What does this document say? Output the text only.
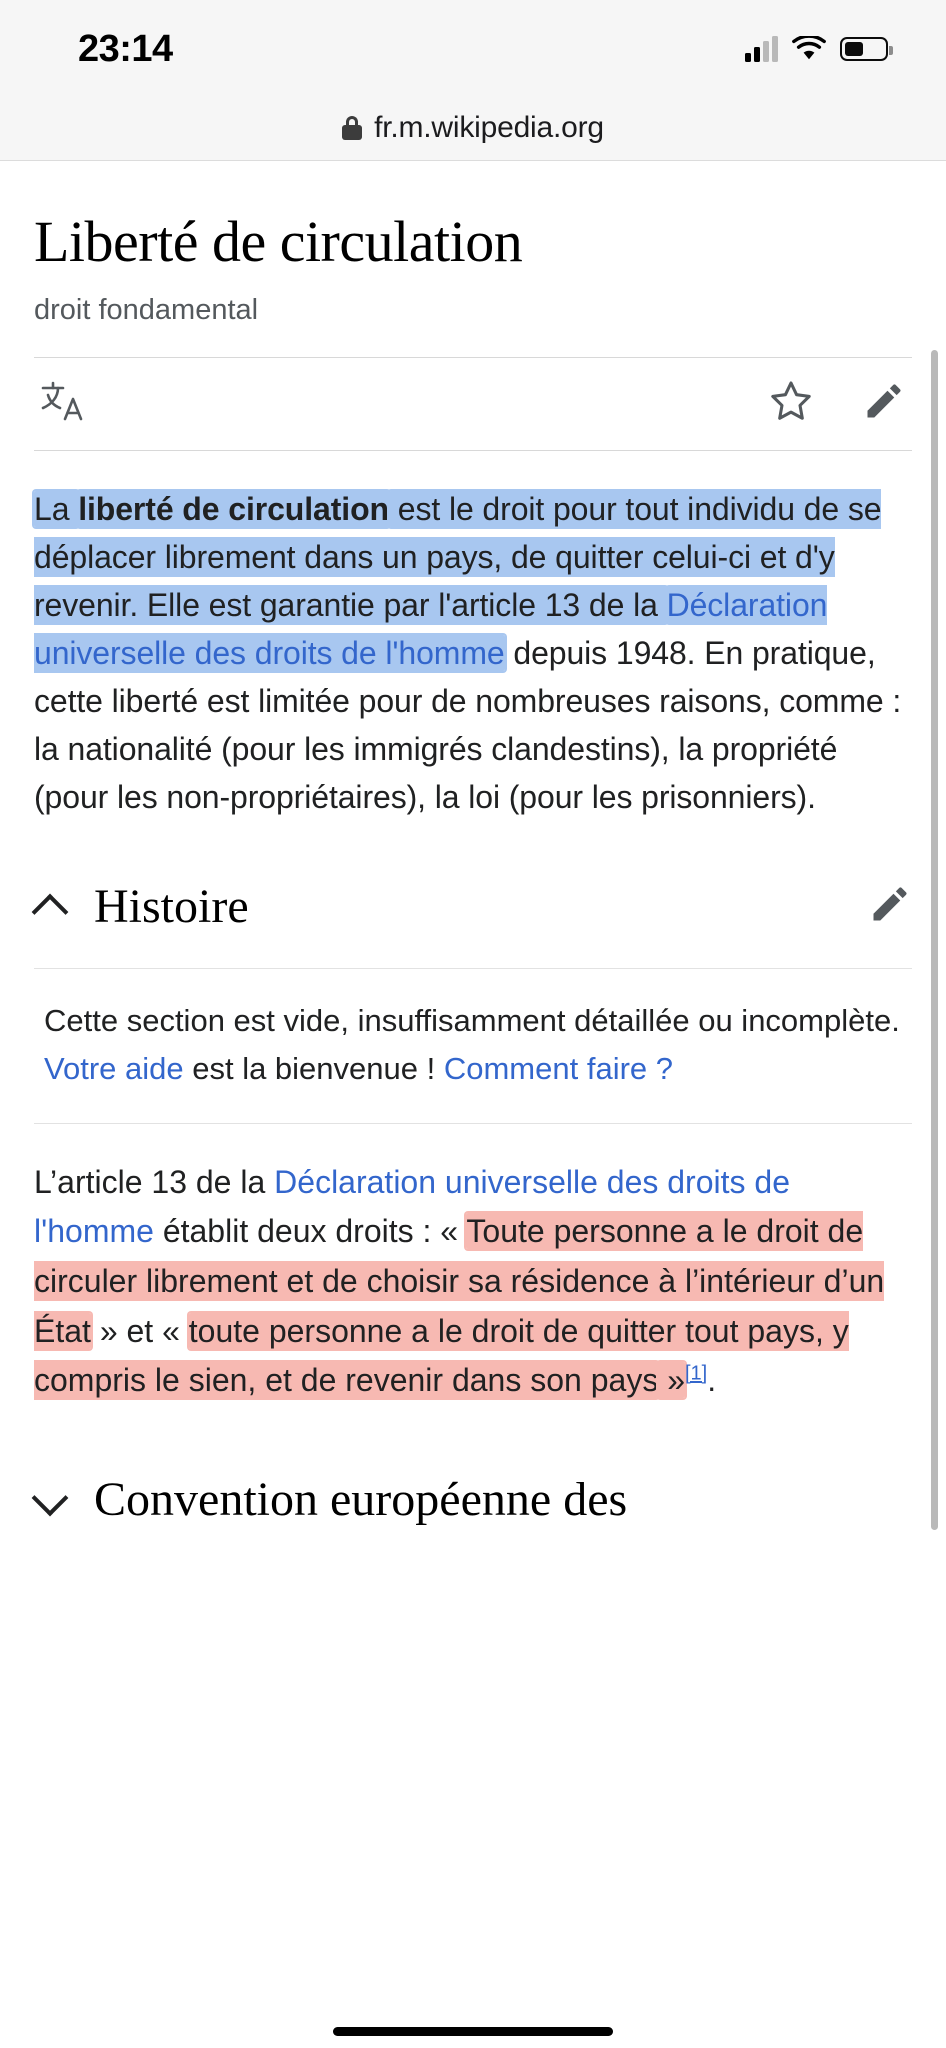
23:14
fr.m.wikipedia.org
Liberté de circulation
droit fondamental

La liberté de circulation est le droit pour tout individu de se déplacer librement dans un pays, de quitter celui-ci et d'y revenir. Elle est garantie par l'article 13 de la Déclaration universelle des droits de l'homme depuis 1948. En pratique, cette liberté est limitée pour de nombreuses raisons, comme : la nationalité (pour les immigrés clandestins), la propriété (pour les non-propriétaires), la loi (pour les prisonniers).

Histoire
Cette section est vide, insuffisamment détaillée ou incomplète. Votre aide est la bienvenue ! Comment faire ?

L’article 13 de la Déclaration universelle des droits de l'homme établit deux droits : « Toute personne a le droit de circuler librement et de choisir sa résidence à l’intérieur d’un État » et « toute personne a le droit de quitter tout pays, y compris le sien, et de revenir dans son pays »[1].

Convention européenne des
